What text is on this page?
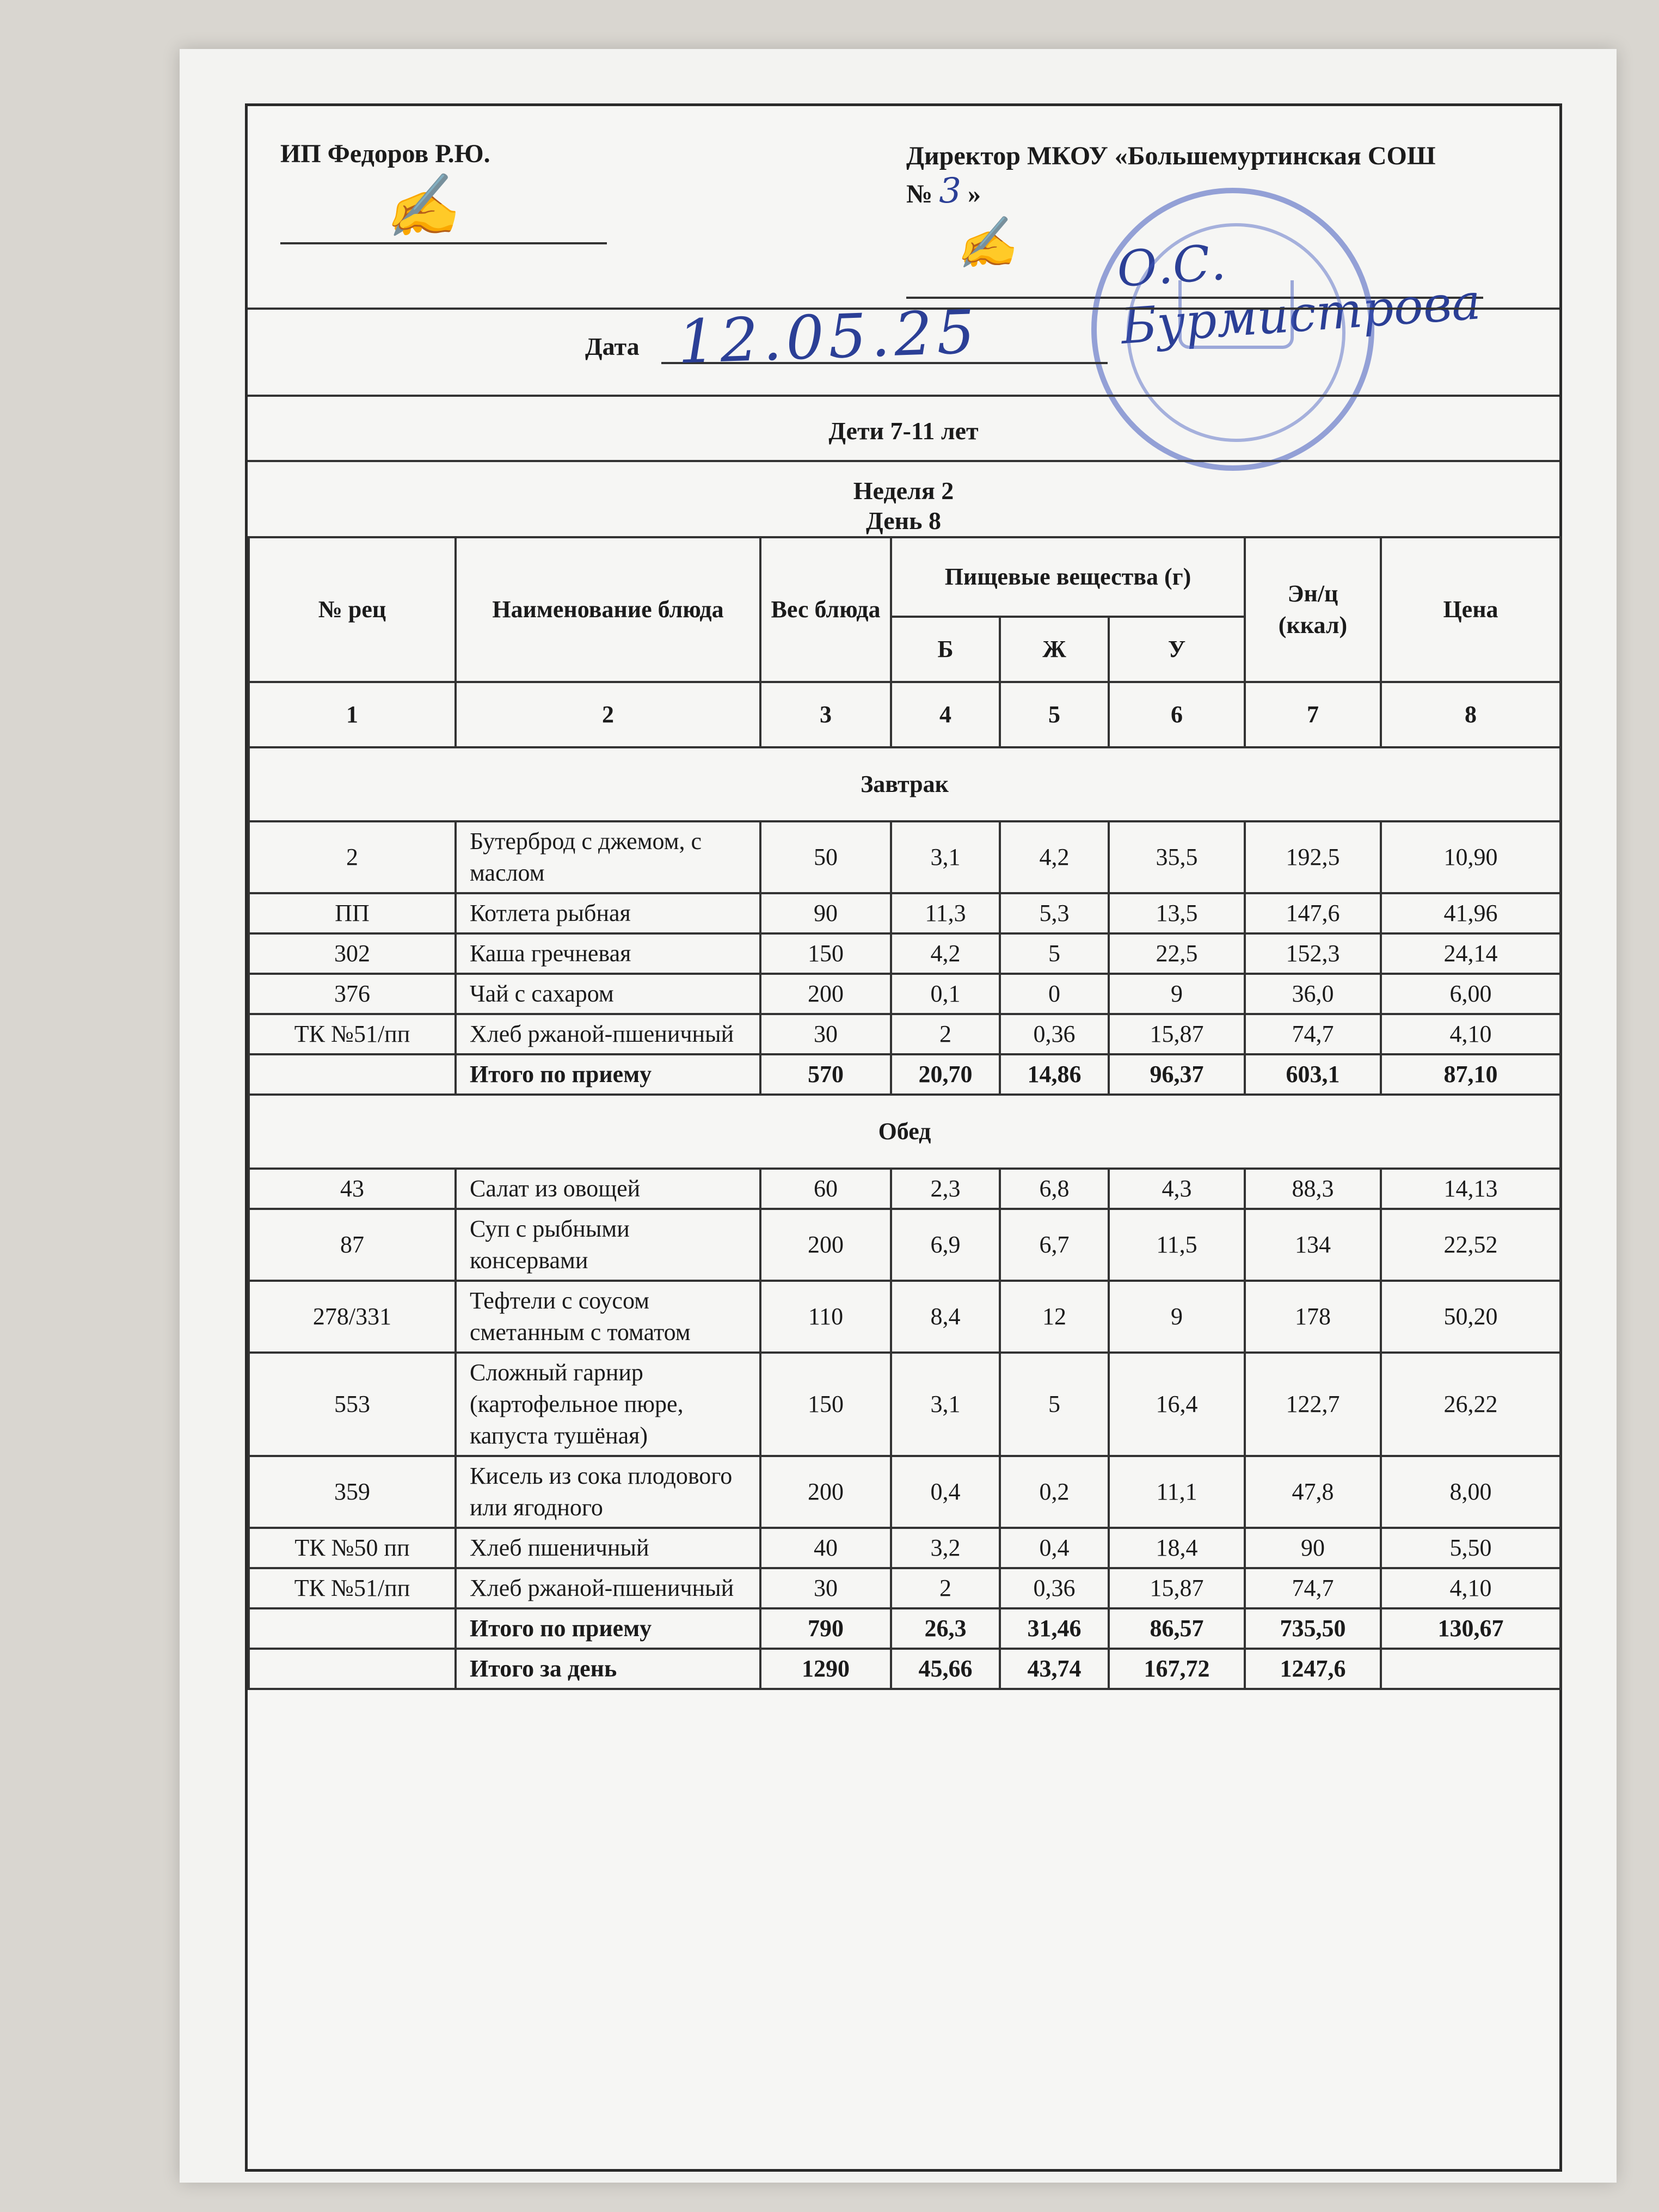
ИП Федоров Р.Ю.
✍
Директор МКОУ «Большемуртинская СОШ
№ 3 »
✍ О.С. Бурмистрова
Дата 12.05.25
Дети 7-11 лет
Неделя 2
День 8
№ рец	Наименование блюда	Вес блюда	Пищевые вещества (г)			Эн/ц (ккал)	Цена
			Б	Ж	У		
1	2	3	4	5	6	7	8
Завтрак							
2	Бутерброд с джемом, с маслом	50	3,1	4,2	35,5	192,5	10,90
ПП	Котлета рыбная	90	11,3	5,3	13,5	147,6	41,96
302	Каша гречневая	150	4,2	5	22,5	152,3	24,14
376	Чай с сахаром	200	0,1	0	9	36,0	6,00
ТК №51/пп	Хлеб ржаной-пшеничный	30	2	0,36	15,87	74,7	4,10
	Итого по приему	570	20,70	14,86	96,37	603,1	87,10
Обед							
43	Салат из овощей	60	2,3	6,8	4,3	88,3	14,13
87	Суп с рыбными консервами	200	6,9	6,7	11,5	134	22,52
278/331	Тефтели с соусом сметанным с томатом	110	8,4	12	9	178	50,20
553	Сложный гарнир (картофельное пюре, капуста тушёная)	150	3,1	5	16,4	122,7	26,22
359	Кисель из сока плодового или ягодного	200	0,4	0,2	11,1	47,8	8,00
ТК №50 пп	Хлеб пшеничный	40	3,2	0,4	18,4	90	5,50
ТК №51/пп	Хлеб ржаной-пшеничный	30	2	0,36	15,87	74,7	4,10
	Итого по приему	790	26,3	31,46	86,57	735,50	130,67
	Итого за день	1290	45,66	43,74	167,72	1247,6	
